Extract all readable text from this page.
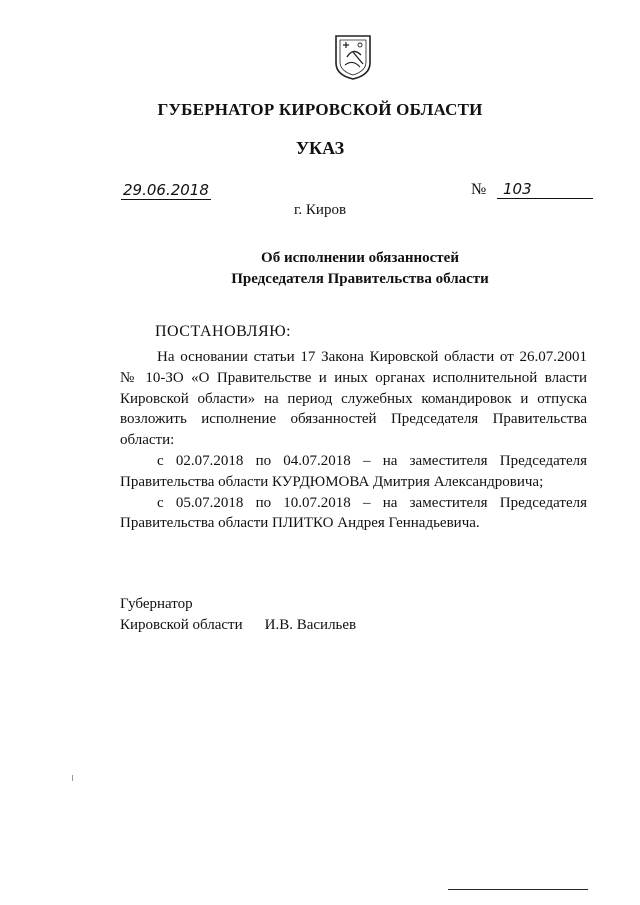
ГУБЕРНАТОР КИРОВСКОЙ ОБЛАСТИ
УКАЗ
29.06.2018	№	103
г. Киров
Об исполнении обязанностей
Председателя Правительства области
ПОСТАНОВЛЯЮ:

На основании статьи 17 Закона Кировской области от 26.07.2001 № 10-ЗО «О Правительстве и иных органах исполнительной власти Кировской области» на период служебных командировок и отпуска возложить исполнение обязанностей Председателя Правительства области:

с 02.07.2018 по 04.07.2018 – на заместителя Председателя Правительства области КУРДЮМОВА Дмитрия Александровича;

с 05.07.2018 по 10.07.2018 – на заместителя Председателя Правительства области ПЛИТКО Андрея Геннадьевича.

Губернатор
Кировской области И.В. Васильев
